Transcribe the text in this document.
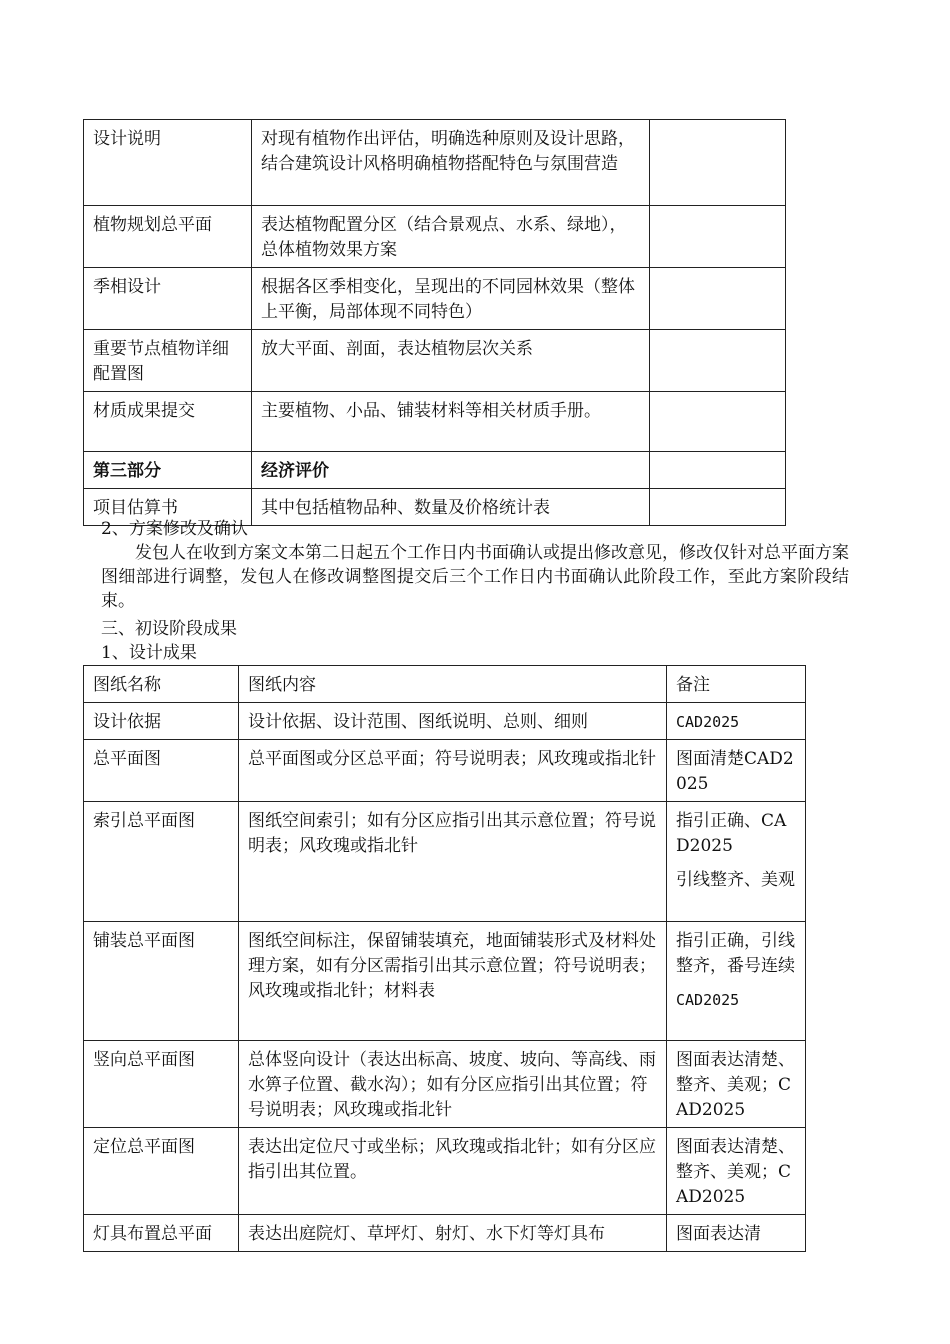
设计说明	对现有植物作出评估，明确选种原则及设计思路，结合建筑设计风格明确植物搭配特色与氛围营造	
植物规划总平面	表达植物配置分区（结合景观点、水系、绿地），总体植物效果方案	
季相设计	根据各区季相变化，呈现出的不同园林效果（整体上平衡，局部体现不同特色）	
重要节点植物详细配置图	放大平面、剖面，表达植物层次关系	
材质成果提交	主要植物、小品、铺装材料等相关材质手册。	
第三部分	经济评价	
项目估算书	其中包括植物品种、数量及价格统计表	

2、方案修改及确认

发包人在收到方案文本第二日起五个工作日内书面确认或提出修改意见，修改仅针对总平面方案图细部进行调整，发包人在修改调整图提交后三个工作日内书面确认此阶段工作，至此方案阶段结束。

三、初设阶段成果

1、设计成果

图纸名称	图纸内容	备注
设计依据	设计依据、设计范围、图纸说明、总则、细则	CAD2025

总平面图	总平面图或分区总平面；符号说明表；风玫瑰或指北针	图面清楚CAD2025

索引总平面图	图纸空间索引；如有分区应指引出其示意位置；符号说明表；风玫瑰或指北针	指引正确、CAD2025
引线整齐、美观

铺装总平面图	图纸空间标注，保留铺装填充，地面铺装形式及材料处理方案，如有分区需指引出其示意位置；符号说明表；风玫瑰或指北针；材料表	指引正确，引线整齐，番号连续
CAD2025

竖向总平面图	总体竖向设计（表达出标高、坡度、坡向、等高线、雨水箅子位置、截水沟）；如有分区应指引出其位置；符号说明表；风玫瑰或指北针	图面表达清楚、整齐、美观；CAD2025

定位总平面图	表达出定位尺寸或坐标；风玫瑰或指北针；如有分区应指引出其位置。	图面表达清楚、整齐、美观；CAD2025

灯具布置总平面	表达出庭院灯、草坪灯、射灯、水下灯等灯具布	图面表达清
